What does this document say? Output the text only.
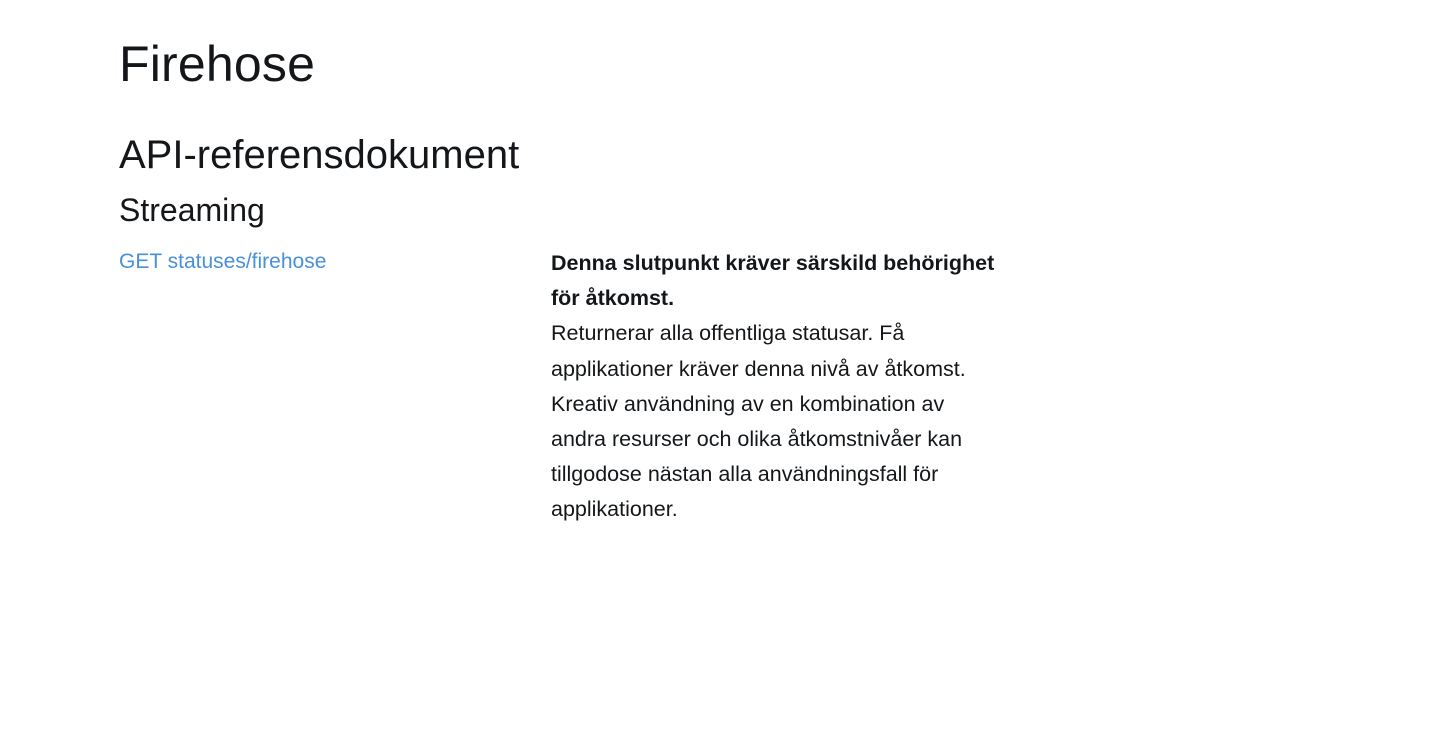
Firehose
API-referensdokument
Streaming
GET statuses/firehose	Denna slutpunkt kräver särskild behörighet för åtkomst.
Returnerar alla offentliga statusar. Få applikationer kräver denna nivå av åtkomst. Kreativ användning av en kombination av andra resurser och olika åtkomstnivåer kan tillgodose nästan alla användningsfall för applikationer.
